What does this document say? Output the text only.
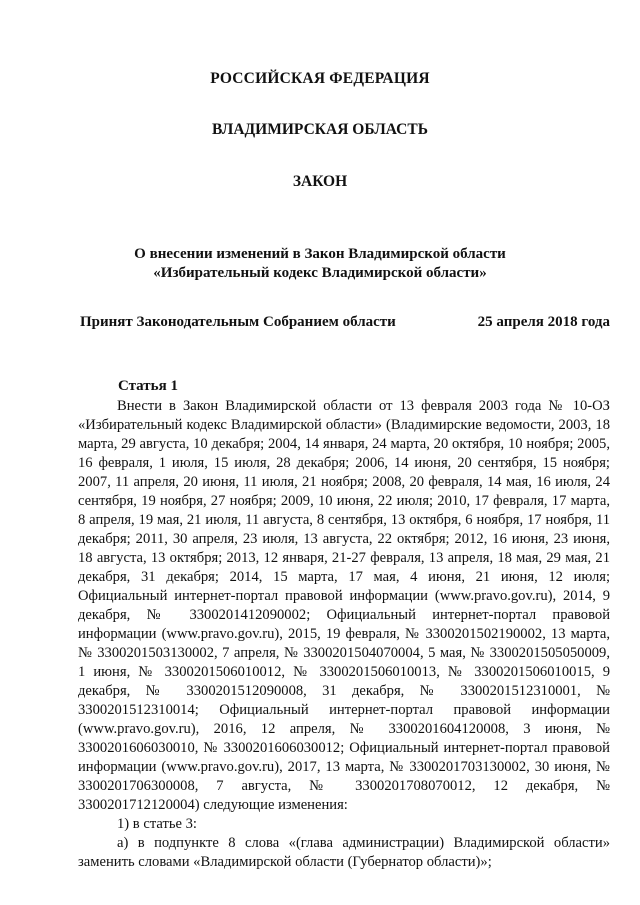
РОССИЙСКАЯ ФЕДЕРАЦИЯ
ВЛАДИМИРСКАЯ ОБЛАСТЬ
ЗАКОН
О внесении изменений в Закон Владимирской области
«Избирательный кодекс Владимирской области»
Принят Законодательным Собранием области	25 апреля 2018 года
Статья 1

Внести в Закон Владимирской области от 13 февраля 2003 года № 10-ОЗ «Избирательный кодекс Владимирской области» (Владимирские ведомости, 2003, 18 марта, 29 августа, 10 декабря; 2004, 14 января, 24 марта, 20 октября, 10 ноября; 2005, 16 февраля, 1 июля, 15 июля, 28 декабря; 2006, 14 июня, 20 сентября, 15 ноября; 2007, 11 апреля, 20 июня, 11 июля, 21 ноября; 2008, 20 февраля, 14 мая, 16 июля, 24 сентября, 19 ноября, 27 ноября; 2009, 10 июня, 22 июля; 2010, 17 февраля, 17 марта, 8 апреля, 19 мая, 21 июля, 11 августа, 8 сентября, 13 октября, 6 ноября, 17 ноября, 11 декабря; 2011, 30 апреля, 23 июля, 13 августа, 22 октября; 2012, 16 июня, 23 июня, 18 августа, 13 октября; 2013, 12 января, 21-27 февраля, 13 апреля, 18 мая, 29 мая, 21 декабря, 31 декабря; 2014, 15 марта, 17 мая, 4 июня, 21 июня, 12 июля; Официальный интернет-портал правовой информации (www.pravo.gov.ru), 2014, 9 декабря, № 3300201412090002; Официальный интернет-портал правовой информации (www.pravo.gov.ru), 2015, 19 февраля, № 3300201502190002, 13 марта, № 3300201503130002, 7 апреля, № 3300201504070004, 5 мая, № 3300201505050009, 1 июня, № 3300201506010012, № 3300201506010013, № 3300201506010015, 9 декабря, № 3300201512090008, 31 декабря, № 3300201512310001, № 3300201512310014; Официальный интернет-портал правовой информации (www.pravo.gov.ru), 2016, 12 апреля, № 3300201604120008, 3 июня, № 3300201606030010, № 3300201606030012; Официальный интернет-портал правовой информации (www.pravo.gov.ru), 2017, 13 марта, № 3300201703130002, 30 июня, № 3300201706300008, 7 августа, № 3300201708070012, 12 декабря, № 3300201712120004) следующие изменения:

1) в статье 3:

а) в подпункте 8 слова «(глава администрации) Владимирской области» заменить словами «Владимирской области (Губернатор области)»;
